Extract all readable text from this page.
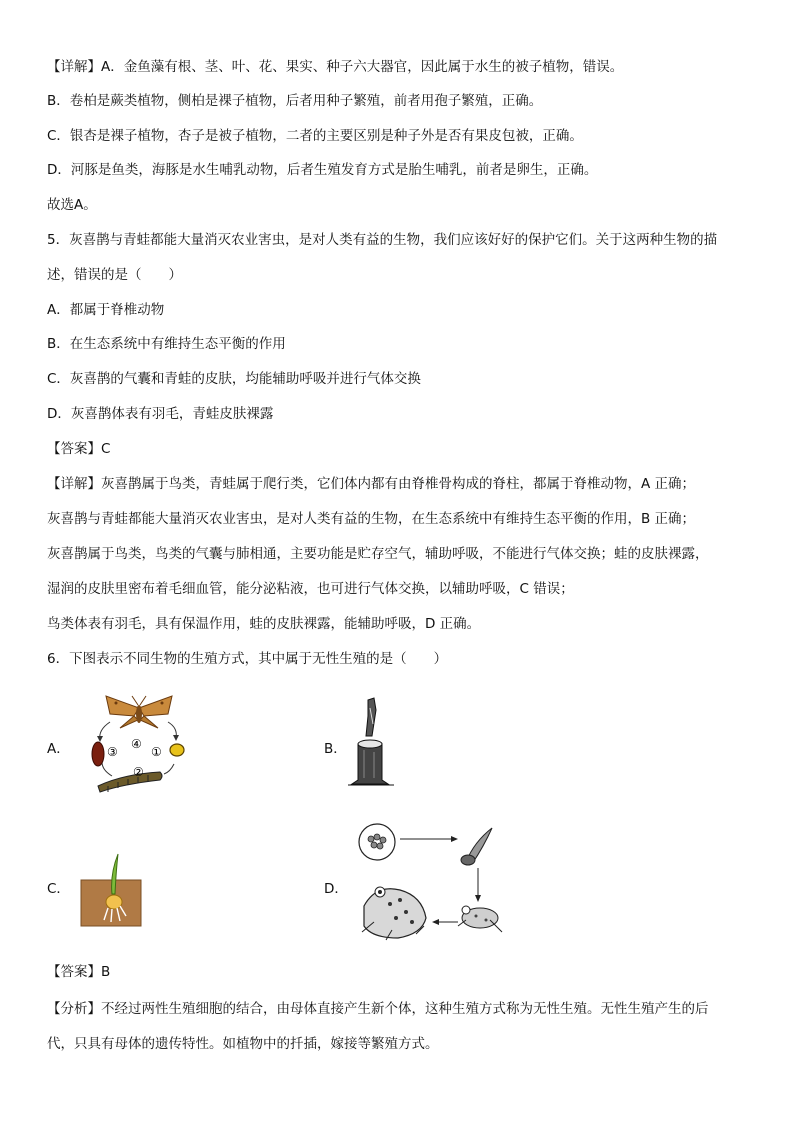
【详解】A．金鱼藻有根、茎、叶、花、果实、种子六大器官，因此属于水生的被子植物，错误。
B．卷柏是蕨类植物，侧柏是裸子植物，后者用种子繁殖，前者用孢子繁殖，正确。
C．银杏是裸子植物，杏子是被子植物，二者的主要区别是种子外是否有果皮包被，正确。
D．河豚是鱼类，海豚是水生哺乳动物，后者生殖发育方式是胎生哺乳，前者是卵生，正确。
故选A。
5．灰喜鹊与青蛙都能大量消灭农业害虫，是对人类有益的生物，我们应该好好的保护它们。关于这两种生物的描
述，错误的是（　　）
A．都属于脊椎动物
B．在生态系统中有维持生态平衡的作用
C．灰喜鹊的气囊和青蛙的皮肤，均能辅助呼吸并进行气体交换
D．灰喜鹊体表有羽毛，青蛙皮肤裸露
【答案】C
【详解】灰喜鹊属于鸟类，青蛙属于爬行类，它们体内都有由脊椎骨构成的脊柱，都属于脊椎动物，A 正确；
灰喜鹊与青蛙都能大量消灭农业害虫，是对人类有益的生物，在生态系统中有维持生态平衡的作用，B 正确；
灰喜鹊属于鸟类，鸟类的气囊与肺相通，主要功能是贮存空气，辅助呼吸，不能进行气体交换；蛙的皮肤裸露，
湿润的皮肤里密布着毛细血管，能分泌粘液，也可进行气体交换，以辅助呼吸，C 错误；
鸟类体表有羽毛，具有保温作用，蛙的皮肤裸露，能辅助呼吸，D 正确。
6．下图表示不同生物的生殖方式，其中属于无性生殖的是（　　）
A．	B．
C．	D．
③
④
①
②
【答案】B
【分析】不经过两性生殖细胞的结合，由母体直接产生新个体，这种生殖方式称为无性生殖。无性生殖产生的后
代，只具有母体的遗传特性。如植物中的扦插，嫁接等繁殖方式。
